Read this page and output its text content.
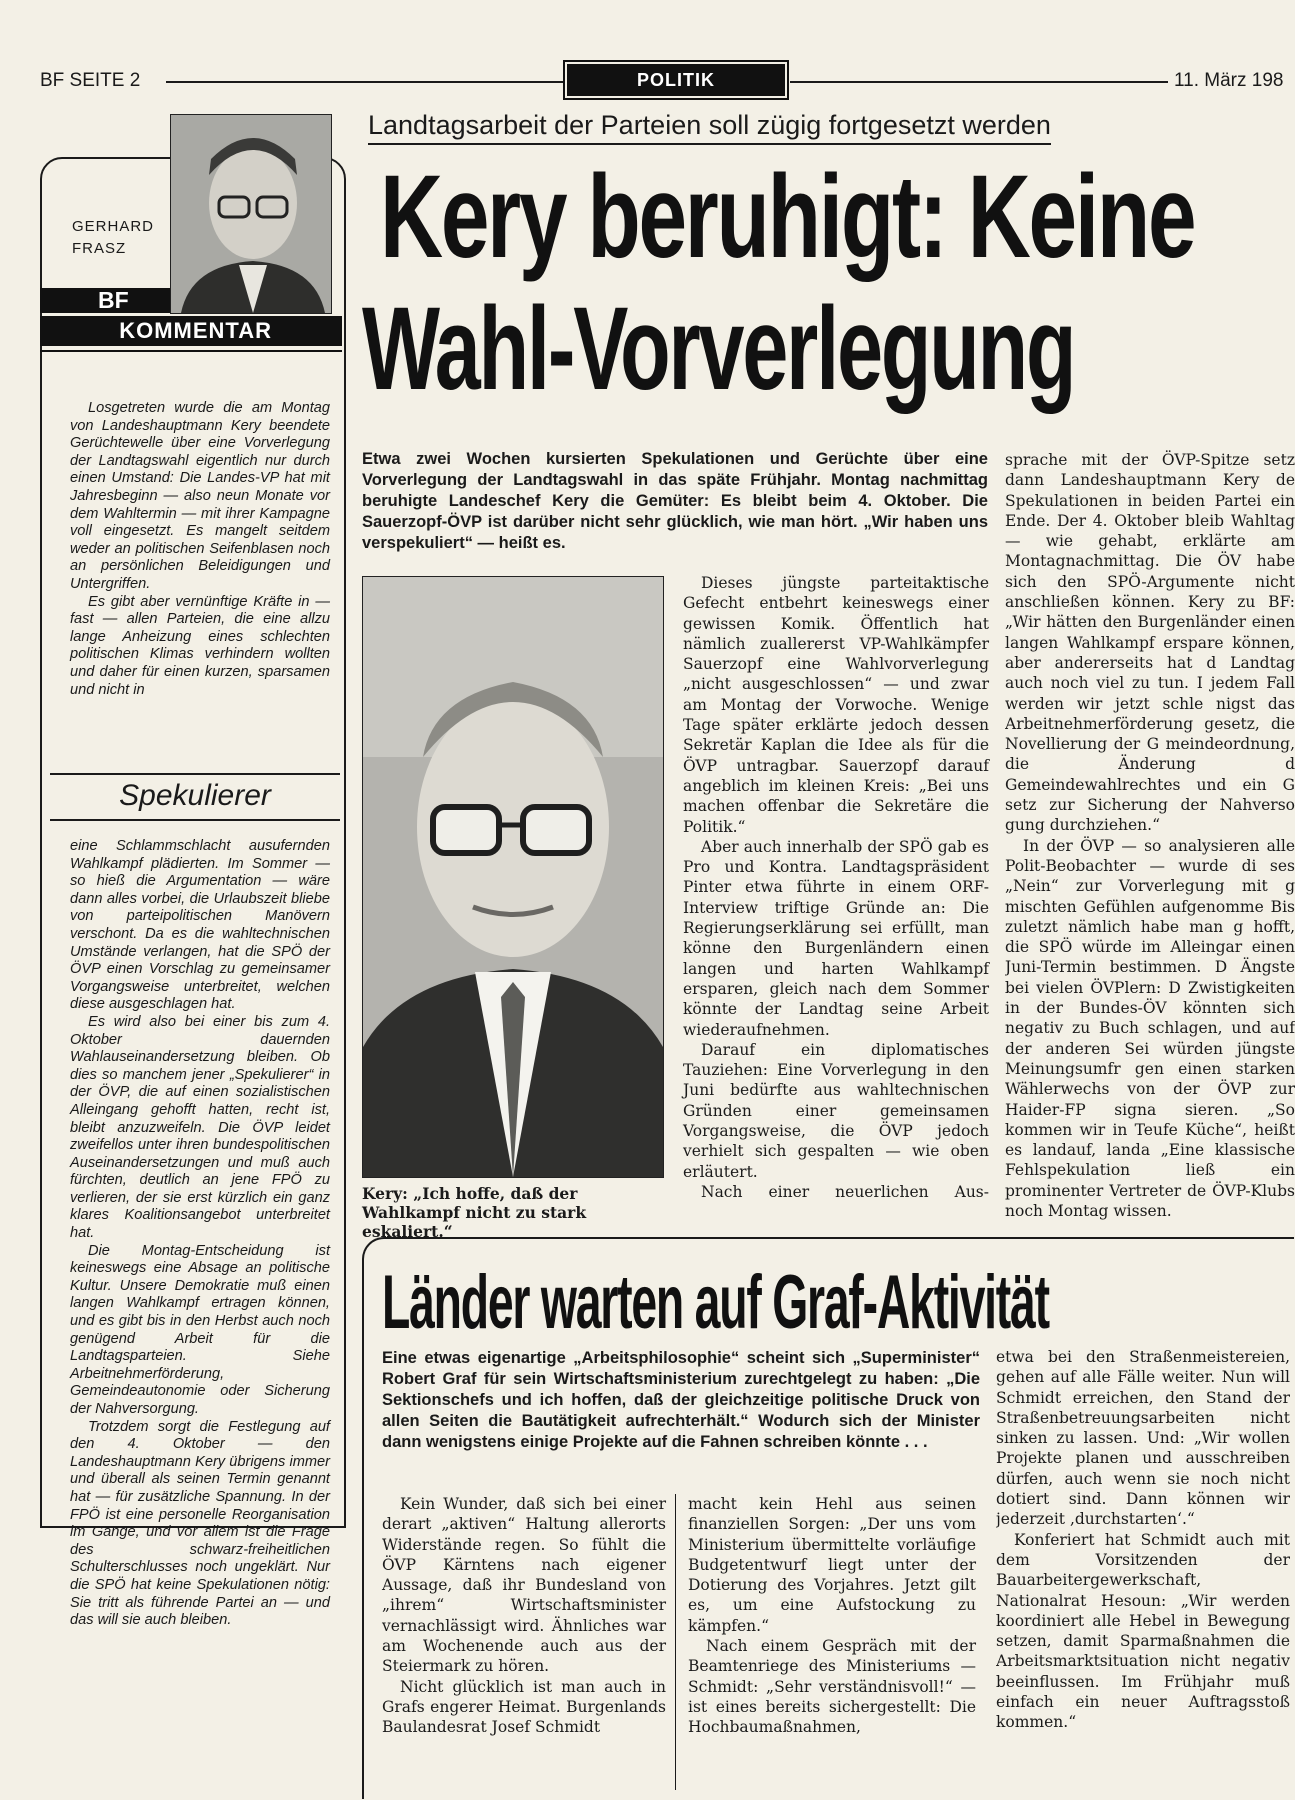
BF SEITE 2	POLITIK	11. März 198
Landtagsarbeit der Parteien soll zügig fortgesetzt werden
Kery beruhigt: Keine
Wahl-Vorverlegung
GERHARD
FRASZ
BF
KOMMENTAR

Losgetreten wurde die am Montag von Landeshauptmann Kery beendete Gerüchtewelle über eine Vorverlegung der Landtagswahl eigentlich nur durch einen Umstand: Die Landes-VP hat mit Jahresbeginn — also neun Monate vor dem Wahltermin — mit ihrer Kampagne voll eingesetzt. Es mangelt seitdem weder an politischen Seifenblasen noch an persönlichen Beleidigungen und Untergriffen.

Es gibt aber vernünftige Kräfte in — fast — allen Parteien, die eine allzu lange Anheizung eines schlechten politischen Klimas verhindern wollten und daher für einen kurzen, sparsamen und nicht in

Spekulierer

eine Schlammschlacht ausufernden Wahlkampf plädierten. Im Sommer — so hieß die Argumentation — wäre dann alles vorbei, die Urlaubszeit bliebe von parteipolitischen Manövern verschont. Da es die wahltechnischen Umstände verlangen, hat die SPÖ der ÖVP einen Vorschlag zu gemeinsamer Vorgangsweise unterbreitet, welchen diese ausgeschlagen hat.

Es wird also bei einer bis zum 4. Oktober dauernden Wahlauseinandersetzung bleiben. Ob dies so manchem jener „Spekulierer“ in der ÖVP, die auf einen sozialistischen Alleingang gehofft hatten, recht ist, bleibt anzuzweifeln. Die ÖVP leidet zweifellos unter ihren bundespolitischen Auseinandersetzungen und muß auch fürchten, deutlich an jene FPÖ zu verlieren, der sie erst kürzlich ein ganz klares Koalitionsangebot unterbreitet hat.

Die Montag-Entscheidung ist keineswegs eine Absage an politische Kultur. Unsere Demokratie muß einen langen Wahlkampf ertragen können, und es gibt bis in den Herbst auch noch genügend Arbeit für die Landtagsparteien. Siehe Arbeitnehmerförderung, Gemeindeautonomie oder Sicherung der Nahversorgung.

Trotzdem sorgt die Festlegung auf den 4. Oktober — den Landeshauptmann Kery übrigens immer und überall als seinen Termin genannt hat — für zusätzliche Spannung. In der FPÖ ist eine personelle Reorganisation im Gange, und vor allem ist die Frage des schwarz-freiheitlichen Schulterschlusses noch ungeklärt. Nur die SPÖ hat keine Spekulationen nötig: Sie tritt als führende Partei an — und das will sie auch bleiben.

Etwa zwei Wochen kursierten Spekulationen und Gerüchte über eine Vorverlegung der Landtagswahl in das späte Frühjahr. Montag nachmittag beruhigte Landeschef Kery die Gemüter: Es bleibt beim 4. Oktober. Die Sauerzopf-ÖVP ist darüber nicht sehr glücklich, wie man hört. „Wir haben uns verspekuliert“ — heißt es.
Kery: „Ich hoffe, daß der Wahlkampf nicht zu stark eskaliert.“

Dieses jüngste parteitaktische Gefecht entbehrt keineswegs einer gewissen Komik. Öffentlich hat nämlich zuallererst VP-Wahlkämpfer Sauerzopf eine Wahlvorverlegung „nicht ausgeschlossen“ — und zwar am Montag der Vorwoche. Wenige Tage später erklärte jedoch dessen Sekretär Kaplan die Idee als für die ÖVP untragbar. Sauerzopf darauf angeblich im kleinen Kreis: „Bei uns machen offenbar die Sekretäre die Politik.“

Aber auch innerhalb der SPÖ gab es Pro und Kontra. Landtagspräsident Pinter etwa führte in einem ORF-Interview triftige Gründe an: Die Regierungserklärung sei erfüllt, man könne den Burgenländern einen langen und harten Wahlkampf ersparen, gleich nach dem Sommer könnte der Landtag seine Arbeit wiederaufnehmen.

Darauf ein diplomatisches Tauziehen: Eine Vorverlegung in den Juni bedürfte aus wahltechnischen Gründen einer gemeinsamen Vorgangsweise, die ÖVP jedoch verhielt sich gespalten — wie oben erläutert.

Nach einer neuerlichen Aus-

sprache mit der ÖVP-Spitze setz dann Landeshauptmann Kery de Spekulationen in beiden Partei ein Ende. Der 4. Oktober bleib Wahltag — wie gehabt, erklärte am Montagnachmittag. Die ÖV habe sich den SPÖ-Argumente nicht anschließen können. Kery zu BF: „Wir hätten den Burgenländer einen langen Wahlkampf erspare können, aber andererseits hat d Landtag auch noch viel zu tun. I jedem Fall werden wir jetzt schle nigst das Arbeitnehmerförderung gesetz, die Novellierung der G meindeordnung, die Änderung d Gemeindewahlrechtes und ein G setz zur Sicherung der Nahverso gung durchziehen.“

In der ÖVP — so analysieren alle Polit-Beobachter — wurde di ses „Nein“ zur Vorverlegung mit g mischten Gefühlen aufgenomme Bis zuletzt nämlich habe man g hofft, die SPÖ würde im Alleingar einen Juni-Termin bestimmen. D Ängste bei vielen ÖVPlern: D Zwistigkeiten in der Bundes-ÖV könnten sich negativ zu Buch schlagen, und auf der anderen Sei würden jüngste Meinungsumfr gen einen starken Wählerwechs von der ÖVP zur Haider-FP signa sieren. „So kommen wir in Teufe Küche“, heißt es landauf, landa „Eine klassische Fehlspekulation ließ ein prominenter Vertreter de ÖVP-Klubs noch Montag wissen.

Länder warten auf Graf-Aktivität
Eine etwas eigenartige „Arbeitsphilosophie“ scheint sich „Superminister“ Robert Graf für sein Wirtschaftsministerium zurechtgelegt zu haben: „Die Sektionschefs und ich hoffen, daß der gleichzeitige politische Druck von allen Seiten die Bautätigkeit aufrechterhält.“ Wodurch sich der Minister dann wenigstens einige Projekte auf die Fahnen schreiben könnte . . .

Kein Wunder, daß sich bei einer derart „aktiven“ Haltung allerorts Widerstände regen. So fühlt die ÖVP Kärntens nach eigener Aussage, daß ihr Bundesland von „ihrem“ Wirtschaftsminister vernachlässigt wird. Ähnliches war am Wochenende auch aus der Steiermark zu hören.

Nicht glücklich ist man auch in Grafs engerer Heimat. Burgenlands Baulandesrat Josef Schmidt

macht kein Hehl aus seinen finanziellen Sorgen: „Der uns vom Ministerium übermittelte vorläufige Budgetentwurf liegt unter der Dotierung des Vorjahres. Jetzt gilt es, um eine Aufstockung zu kämpfen.“

Nach einem Gespräch mit der Beamtenriege des Ministeriums — Schmidt: „Sehr verständnisvoll!“ — ist eines bereits sichergestellt: Die Hochbaumaßnahmen,

etwa bei den Straßenmeistereien, gehen auf alle Fälle weiter. Nun will Schmidt erreichen, den Stand der Straßenbetreuungsarbeiten nicht sinken zu lassen. Und: „Wir wollen Projekte planen und ausschreiben dürfen, auch wenn sie noch nicht dotiert sind. Dann können wir jederzeit ‚durchstarten‘.“

Konferiert hat Schmidt auch mit dem Vorsitzenden der Bauarbeitergewerkschaft, Nationalrat Hesoun: „Wir werden koordiniert alle Hebel in Bewegung setzen, damit Sparmaßnahmen die Arbeitsmarktsituation nicht negativ beeinflussen. Im Frühjahr muß einfach ein neuer Auftragsstoß kommen.“
